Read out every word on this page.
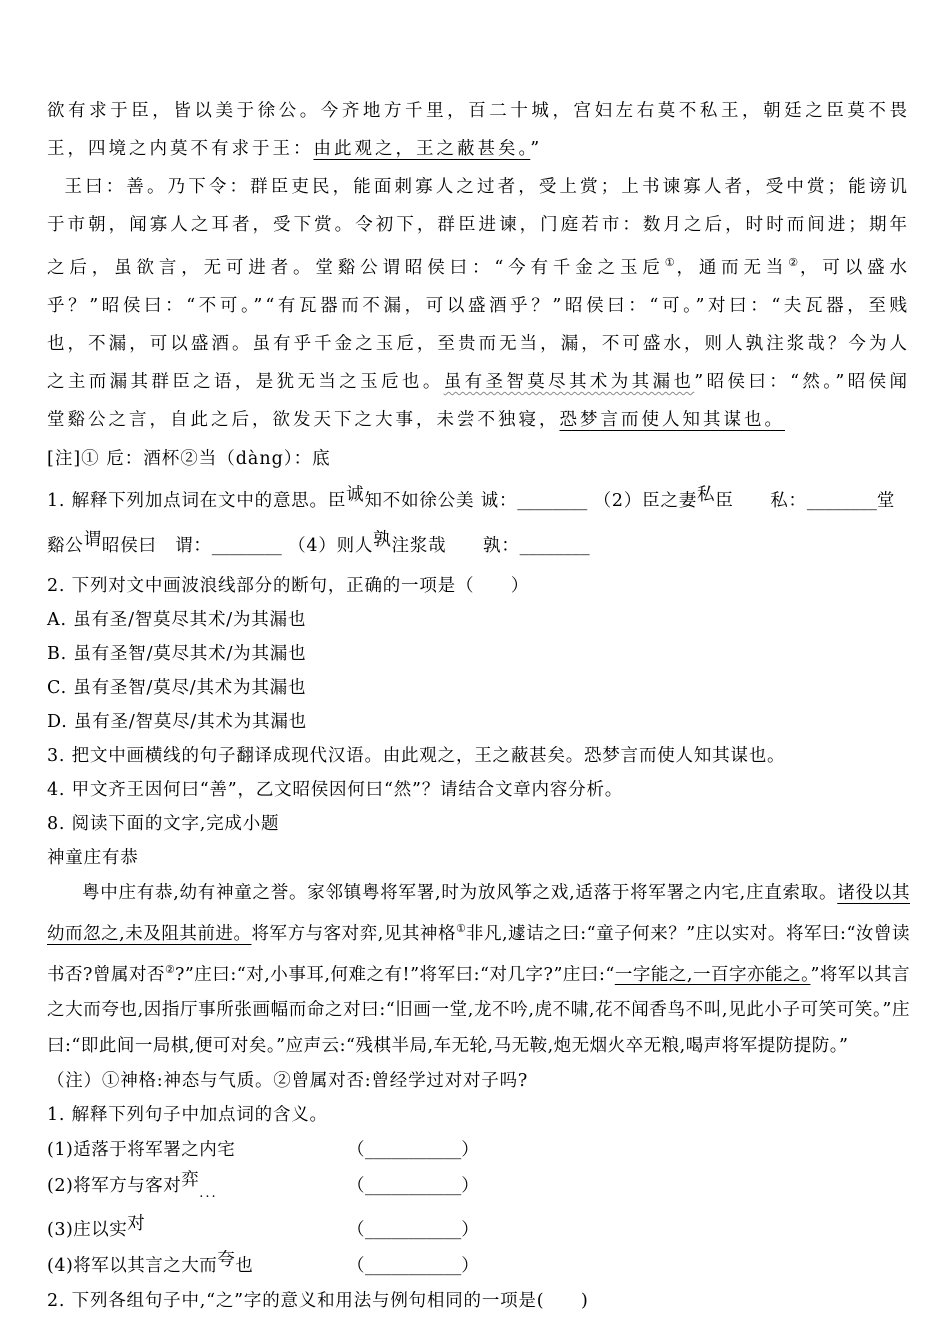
欲有求于臣，皆以美于徐公。今齐地方千里，百二十城，宫妇左右莫不私王，朝廷之臣莫不畏王，四境之内莫不有求于王：由此观之，王之蔽甚矣。”
王曰：善。乃下令：群臣吏民，能面刺寡人之过者，受上赏；上书谏寡人者，受中赏；能谤讥于市朝，闻寡人之耳者，受下赏。令初下，群臣进谏，门庭若市：数月之后，时时而间进；期年之后，虽欲言，无可进者。堂谿公谓昭侯曰：“今有千金之玉卮①，通而无当②，可以盛水乎？”昭侯曰：“不可。”“有瓦器而不漏，可以盛酒乎？”昭侯曰：“可。”对曰：“夫瓦器，至贱也，不漏，可以盛酒。虽有乎千金之玉卮，至贵而无当，漏，不可盛水，则人孰注浆哉？今为人之主而漏其群臣之语，是犹无当之玉卮也。虽有圣智莫尽其术为其漏也”昭侯曰：“然。”昭侯闻堂谿公之言，自此之后，欲发天下之大事，未尝不独寝，恐梦言而使人知其谋也。
[注]① 卮：酒杯②当（dàng）：底
1. 解释下列加点词在文中的意思。臣诚知不如徐公美 诚：________ （2）臣之妻私臣　　私：________堂谿公谓昭侯曰　谓：________ （4）则人孰注浆哉　　孰：________
2. 下列对文中画波浪线部分的断句，正确的一项是（　　）
A. 虽有圣/智莫尽其术/为其漏也
B. 虽有圣智/莫尽其术/为其漏也
C. 虽有圣智/莫尽/其术为其漏也
D. 虽有圣/智莫尽/其术为其漏也
3. 把文中画横线的句子翻译成现代汉语。由此观之，王之蔽甚矣。恐梦言而使人知其谋也。
4. 甲文齐王因何曰“善”，乙文昭侯因何曰“然”？请结合文章内容分析。
8. 阅读下面的文字,完成小题
神童庄有恭
粤中庄有恭,幼有神童之誉。家邻镇粤将军署,时为放风筝之戏,适落于将军署之内宅,庄直索取。诸役以其幼而忽之,未及阻其前进。将军方与客对弈,见其神格①非凡,遽诘之曰:“童子何来？”庄以实对。将军曰:“汝曾读书否?曾属对否②?”庄曰:“对,小事耳,何难之有!”将军曰:“对几字?”庄曰:“一字能之,一百字亦能之。”将军以其言之大而夸也,因指厅事所张画幅而命之对曰:“旧画一堂,龙不吟,虎不啸,花不闻香鸟不叫,见此小子可笑可笑。”庄曰:“即此间一局棋,便可对矣。”应声云:“残棋半局,车无轮,马无鞍,炮无烟火卒无粮,喝声将军提防提防。”
（注）①神格:神态与气质。②曾属对否:曾经学过对对子吗?
1. 解释下列句子中加点词的含义。
(1)适落于将军署之内宅	（___________）
(2)将军方与客对弈$_{...}$	（___________）
(3)庄以实对	（___________）
(4)将军以其言之大而夸也	（___________）
2. 下列各组句子中,“之”字的意义和用法与例句相同的一项是(　　)
